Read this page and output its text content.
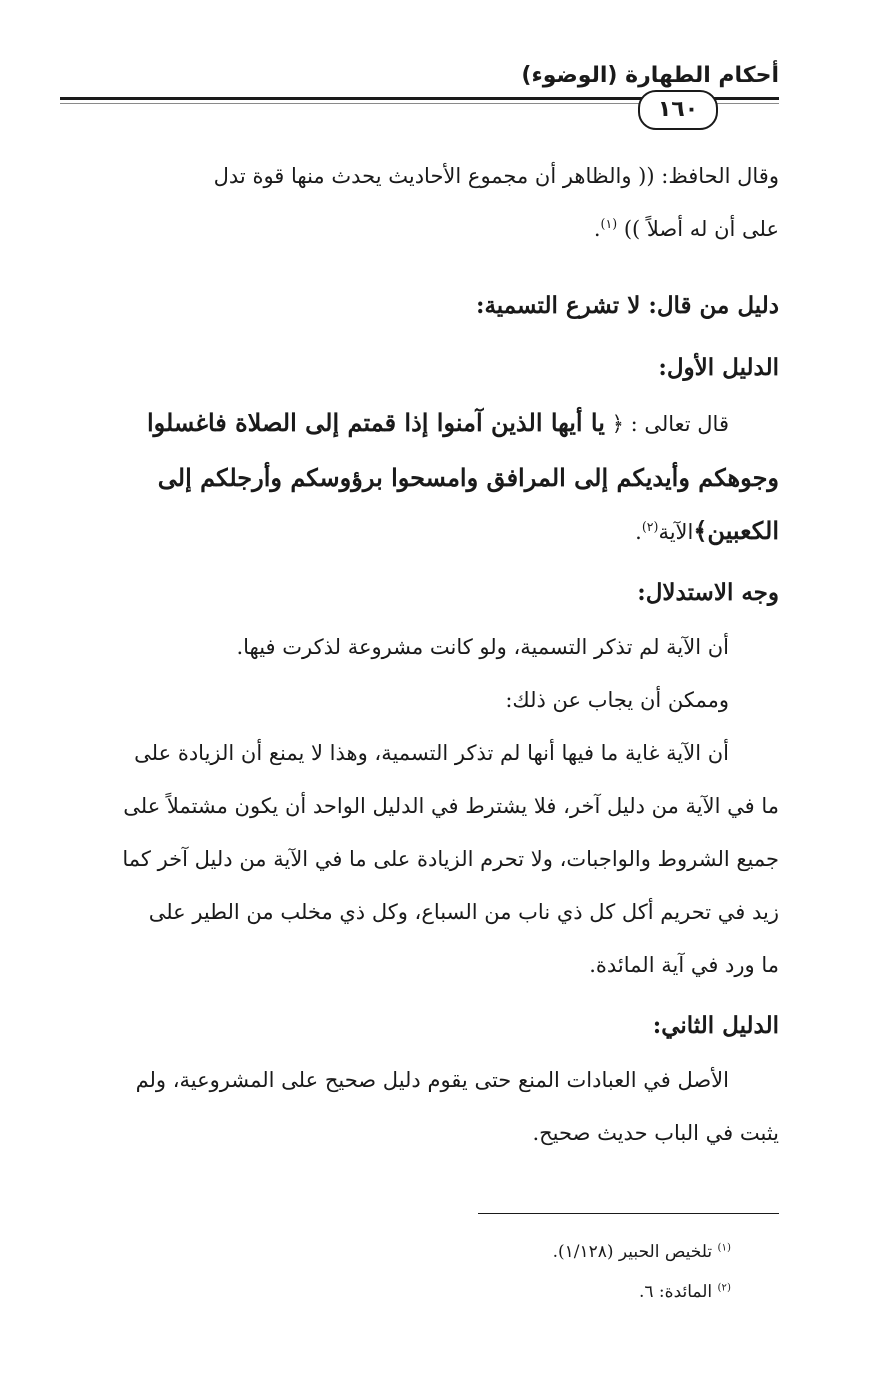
أحكام الطهارة (الوضوء)
١٦٠
وقال الحافظ: (( والظاهر أن مجموع الأحاديث يحدث منها قوة تدل
على أن له أصلاً )) $^{(١)}$.
دليل من قال: لا تشرع التسمية:
الدليل الأول:
قال تعالى : ﴿ يا أيها الذين آمنوا إذا قمتم إلى الصلاة فاغسلوا
وجوهكم وأيديكم إلى المرافق وامسحوا برؤوسكم وأرجلكم إلى
الكعبين﴾الآية$^{(٢)}$.
وجه الاستدلال:
أن الآية لم تذكر التسمية، ولو كانت مشروعة لذكرت فيها.
وممكن أن يجاب عن ذلك:
أن الآية غاية ما فيها أنها لم تذكر التسمية، وهذا لا يمنع أن الزيادة على
ما في الآية من دليل آخر، فلا يشترط في الدليل الواحد أن يكون مشتملاً على
جميع الشروط والواجبات، ولا تحرم الزيادة على ما في الآية من دليل آخر كما
زيد في تحريم أكل كل ذي ناب من السباع، وكل ذي مخلب من الطير على
ما ورد في آية المائدة.
الدليل الثاني:
الأصل في العبادات المنع حتى يقوم دليل صحيح على المشروعية، ولم
يثبت في الباب حديث صحيح.
$^{(١)}$ تلخيص الحبير (١/١٢٨).
$^{(٢)}$ المائدة: ٦.
